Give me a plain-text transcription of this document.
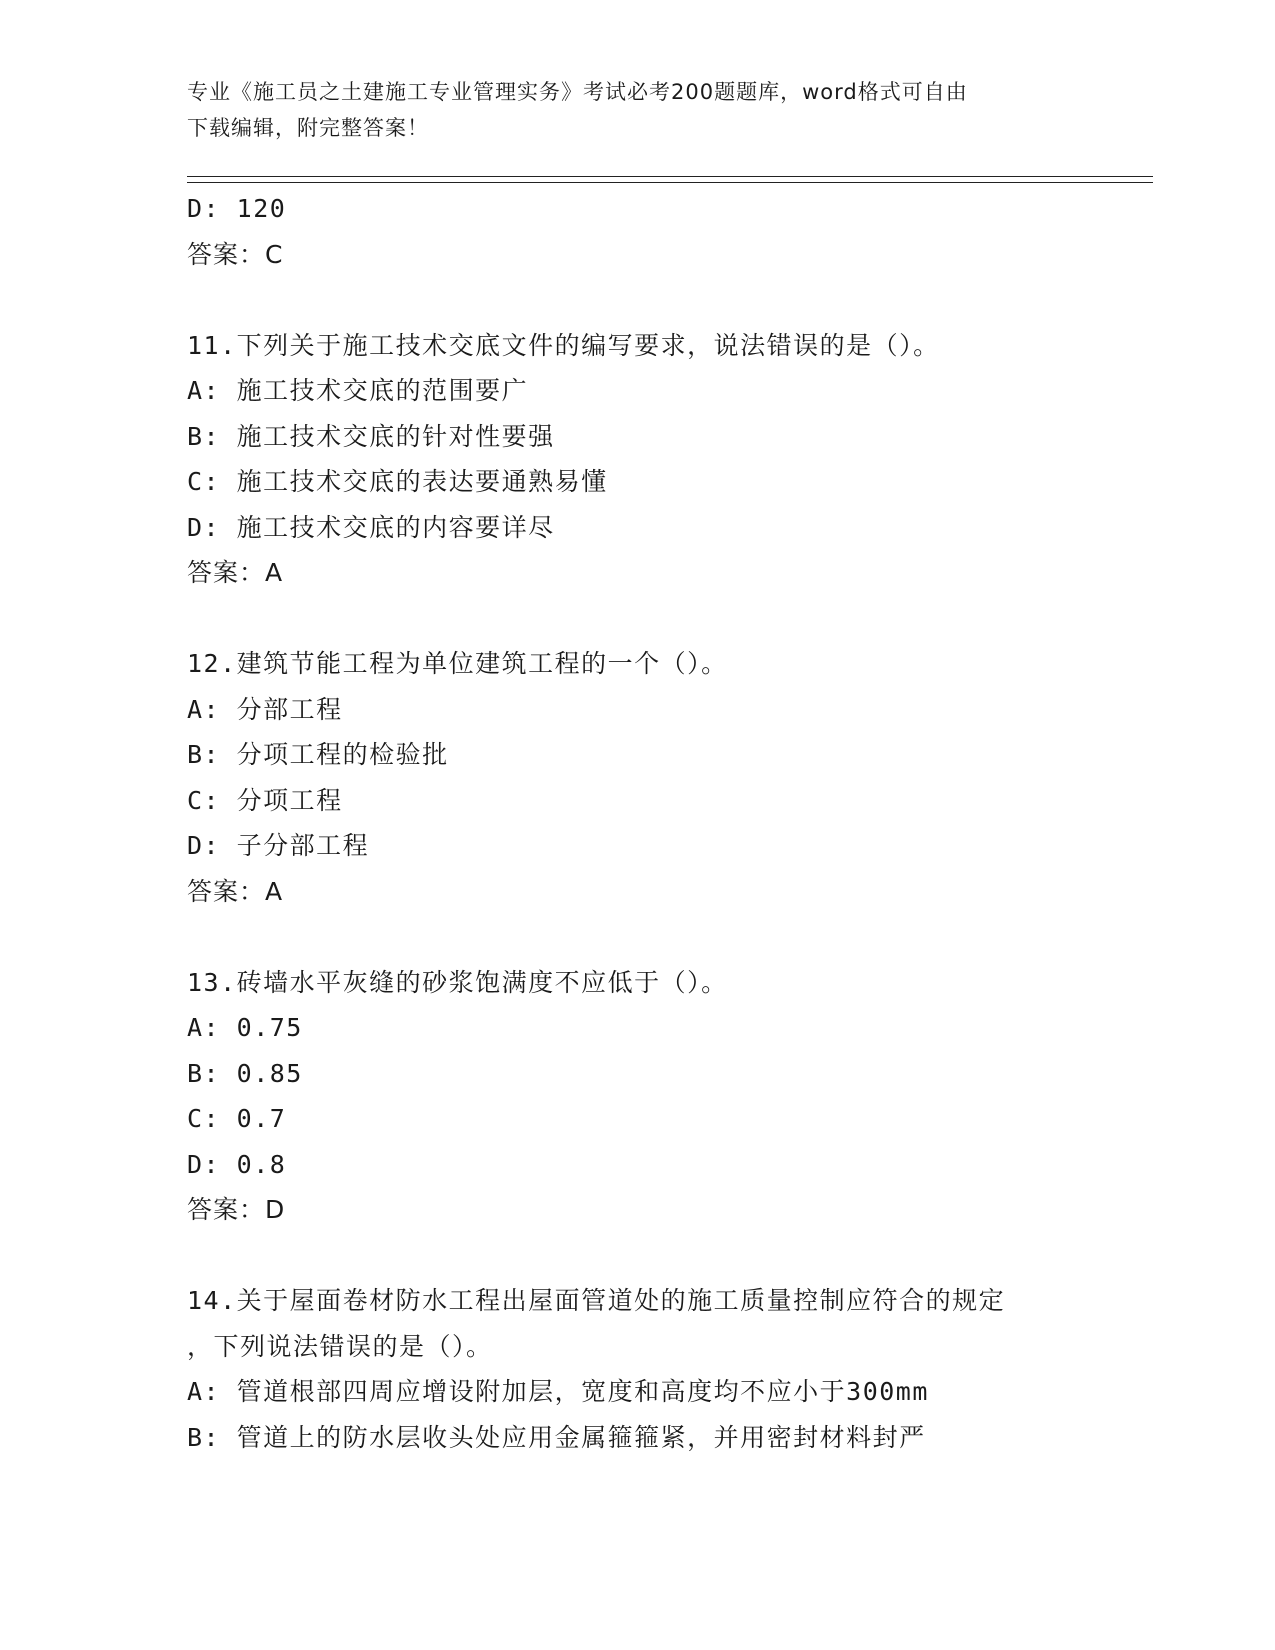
专业《施工员之土建施工专业管理实务》考试必考200题题库，word格式可自由
下载编辑，附完整答案！
D: 120
答案：C
11.下列关于施工技术交底文件的编写要求，说法错误的是（）。
A: 施工技术交底的范围要广
B: 施工技术交底的针对性要强
C: 施工技术交底的表达要通熟易懂
D: 施工技术交底的内容要详尽
答案：A
12.建筑节能工程为单位建筑工程的一个（）。
A: 分部工程
B: 分项工程的检验批
C: 分项工程
D: 子分部工程
答案：A
13.砖墙水平灰缝的砂浆饱满度不应低于（）。
A: 0.75
B: 0.85
C: 0.7
D: 0.8
答案：D
14.关于屋面卷材防水工程出屋面管道处的施工质量控制应符合的规定
，下列说法错误的是（）。
A: 管道根部四周应增设附加层，宽度和高度均不应小于300mm
B: 管道上的防水层收头处应用金属箍箍紧，并用密封材料封严
